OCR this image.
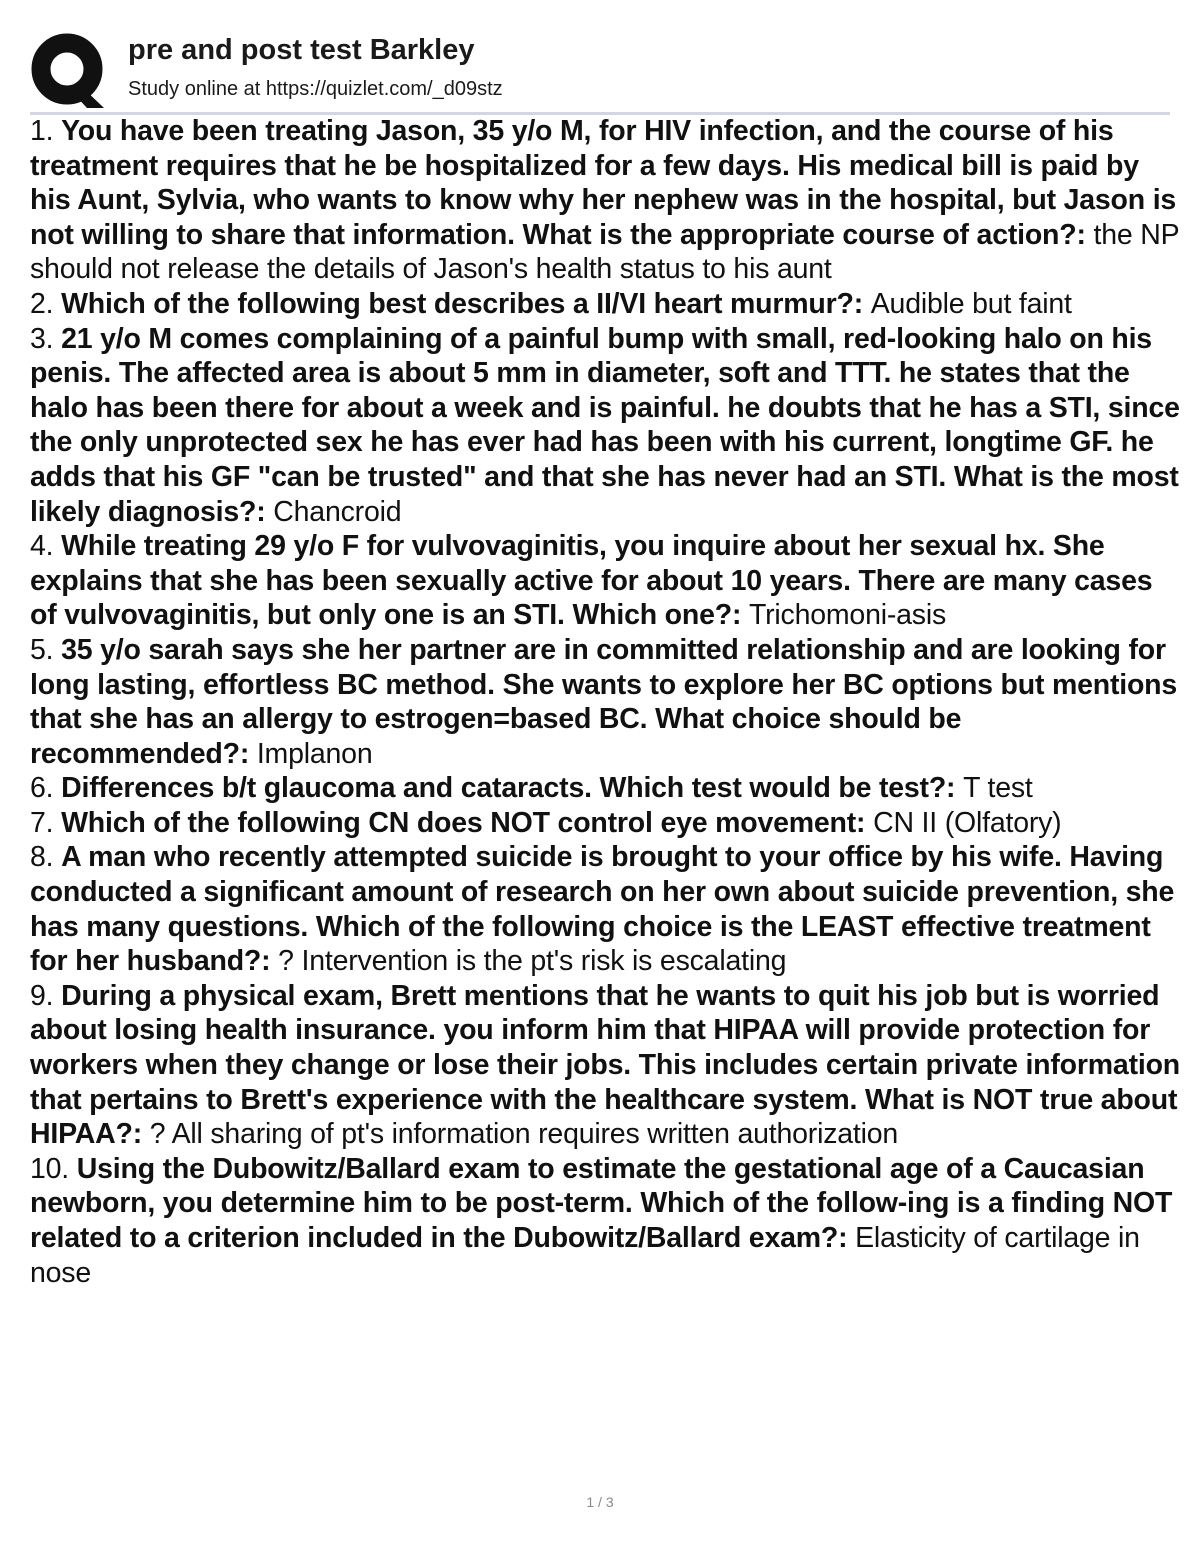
pre and post test Barkley
Study online at https://quizlet.com/_d09stz
1. You have been treating Jason, 35 y/o M, for HIV infection, and the course of his treatment requires that he be hospitalized for a few days. His medical bill is paid by his Aunt, Sylvia, who wants to know why her nephew was in the hospital, but Jason is not willing to share that information. What is the appropriate course of action?: the NP should not release the details of Jason's health status to his aunt
2. Which of the following best describes a II/VI heart murmur?: Audible but faint
3. 21 y/o M comes complaining of a painful bump with small, red-looking halo on his penis. The affected area is about 5 mm in diameter, soft and TTT. he states that the halo has been there for about a week and is painful. he doubts that he has a STI, since the only unprotected sex he has ever had has been with his current, longtime GF. he adds that his GF "can be trusted" and that she has never had an STI. What is the most likely diagnosis?: Chancroid
4. While treating 29 y/o F for vulvovaginitis, you inquire about her sexual hx. She explains that she has been sexually active for about 10 years. There are many cases of vulvovaginitis, but only one is an STI. Which one?: Trichomoni-asis
5. 35 y/o sarah says she her partner are in committed relationship and are looking for long lasting, effortless BC method. She wants to explore her BC options but mentions that she has an allergy to estrogen=based BC. What choice should be recommended?: Implanon
6. Differences b/t glaucoma and cataracts. Which test would be test?: T test
7. Which of the following CN does NOT control eye movement: CN II (Olfatory)
8. A man who recently attempted suicide is brought to your office by his wife. Having conducted a significant amount of research on her own about suicide prevention, she has many questions. Which of the following choice is the LEAST effective treatment for her husband?: ? Intervention is the pt's risk is escalating
9. During a physical exam, Brett mentions that he wants to quit his job but is worried about losing health insurance. you inform him that HIPAA will provide protection for workers when they change or lose their jobs. This includes certain private information that pertains to Brett's experience with the healthcare system. What is NOT true about HIPAA?: ? All sharing of pt's information requires written authorization
10. Using the Dubowitz/Ballard exam to estimate the gestational age of a Caucasian newborn, you determine him to be post-term. Which of the follow-ing is a finding NOT related to a criterion included in the Dubowitz/Ballard exam?: Elasticity of cartilage in nose
1 / 3
